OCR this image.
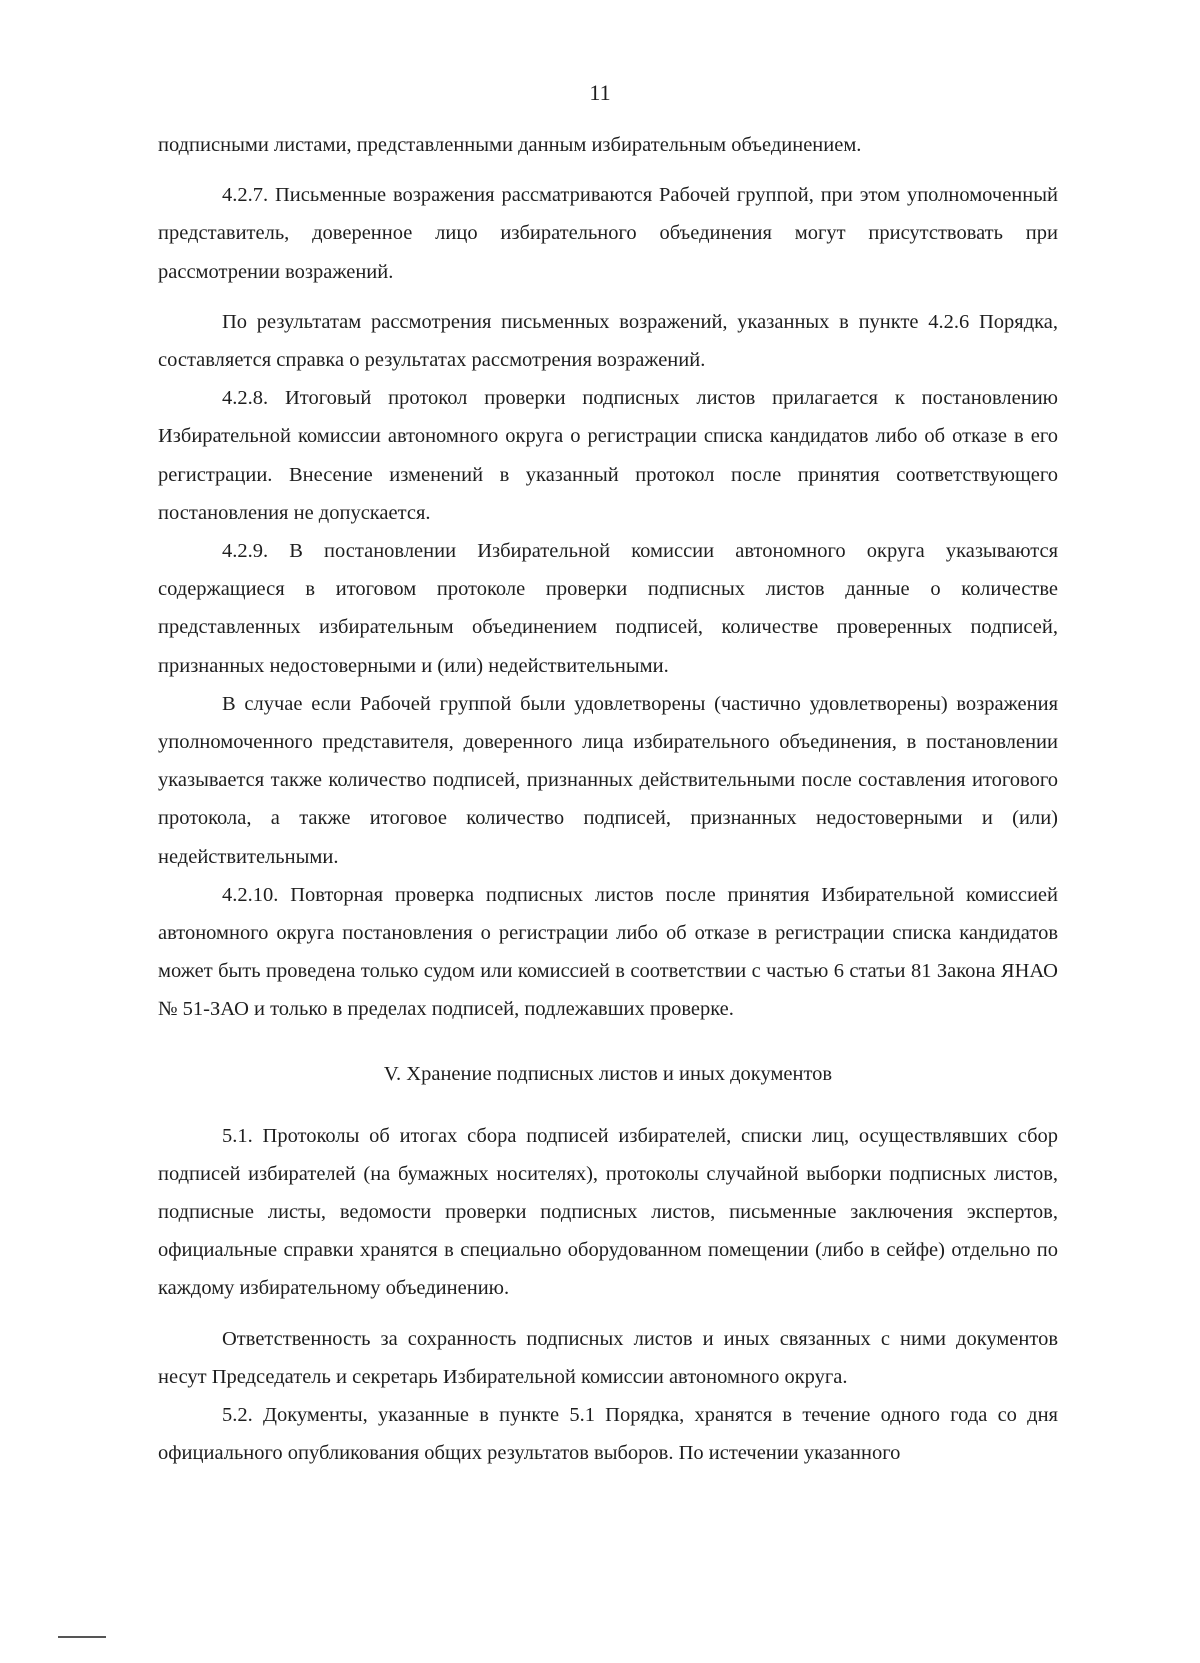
11

подписными листами, представленными данным избирательным объединением.

4.2.7. Письменные возражения рассматриваются Рабочей группой, при этом уполномоченный представитель, доверенное лицо избирательного объединения могут присутствовать при рассмотрении возражений.

По результатам рассмотрения письменных возражений, указанных в пункте 4.2.6 Порядка, составляется справка о результатах рассмотрения возражений.

4.2.8. Итоговый протокол проверки подписных листов прилагается к постановлению Избирательной комиссии автономного округа о регистрации списка кандидатов либо об отказе в его регистрации. Внесение изменений в указанный протокол после принятия соответствующего постановления не допускается.

4.2.9. В постановлении Избирательной комиссии автономного округа указываются содержащиеся в итоговом протоколе проверки подписных листов данные о количестве представленных избирательным объединением подписей, количестве проверенных подписей, признанных недостоверными и (или) недействительными.

В случае если Рабочей группой были удовлетворены (частично удовлетворены) возражения уполномоченного представителя, доверенного лица избирательного объединения, в постановлении указывается также количество подписей, признанных действительными после составления итогового протокола, а также итоговое количество подписей, признанных недостоверными и (или) недействительными.

4.2.10. Повторная проверка подписных листов после принятия Избирательной комиссией автономного округа постановления о регистрации либо об отказе в регистрации списка кандидатов может быть проведена только судом или комиссией в соответствии с частью 6 статьи 81 Закона ЯНАО № 51-ЗАО и только в пределах подписей, подлежавших проверке.

V. Хранение подписных листов и иных документов

5.1. Протоколы об итогах сбора подписей избирателей, списки лиц, осуществлявших сбор подписей избирателей (на бумажных носителях), протоколы случайной выборки подписных листов, подписные листы, ведомости проверки подписных листов, письменные заключения экспертов, официальные справки хранятся в специально оборудованном помещении (либо в сейфе) отдельно по каждому избирательному объединению.

Ответственность за сохранность подписных листов и иных связанных с ними документов несут Председатель и секретарь Избирательной комиссии автономного округа.

5.2. Документы, указанные в пункте 5.1 Порядка, хранятся в течение одного года со дня официального опубликования общих результатов выборов. По истечении указанного
